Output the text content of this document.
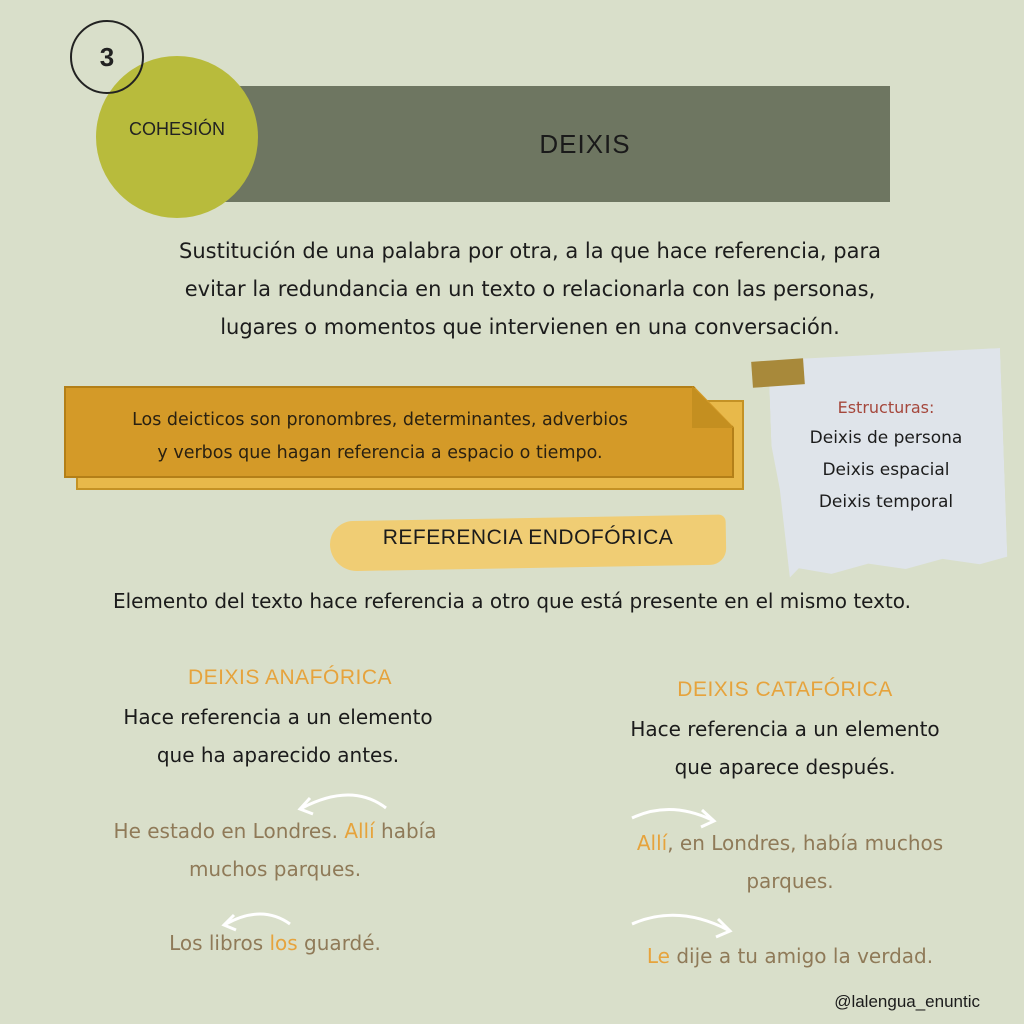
DEIXIS
COHESIÓN
3
Sustitución de una palabra por otra, a la que hace referencia, para
evitar la redundancia en un texto o relacionarla con las personas,
lugares o momentos que intervienen en una conversación.
Los deicticos son pronombres, determinantes, adverbios
y verbos que hagan referencia a espacio o tiempo.
Estructuras:
Deixis de persona
Deixis espacial
Deixis temporal
REFERENCIA ENDOFÓRICA
Elemento del texto hace referencia a otro que está presente en el mismo texto.
DEIXIS ANAFÓRICA
Hace referencia a un elemento
que ha aparecido antes.
He estado en Londres. Allí había
muchos parques.
Los libros los guardé.
DEIXIS CATAFÓRICA
Hace referencia a un elemento
que aparece después.
Allí, en Londres, había muchos
parques.
Le dije a tu amigo la verdad.
@lalengua_enuntic
